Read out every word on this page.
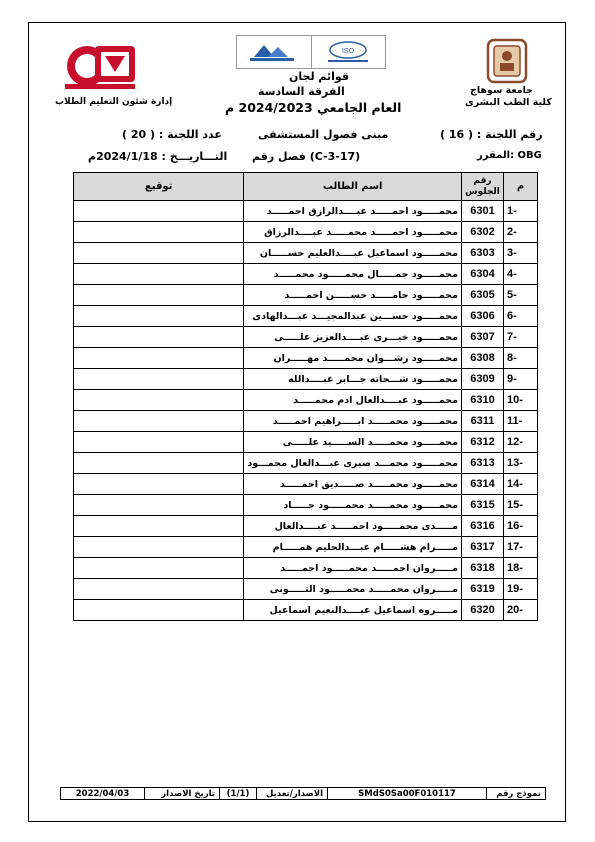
جامعة سوهاج
كلية الطب البشرى
ISO
قوائم لجان
الفرقة السادسة
العام الجامعي 2024/2023 م
إدارة شئون التعليم الطلاب
رقم اللجنة : ( 16 )
مبنى فصول المستشفى
عدد اللجنة : ( 20 )
المقرر: OBG
فصل رقم (C-3-17)
التـــاريـــخ : 2024/1/18م
م	رقم الجلوس	اسم الطالب	توقيع
-1	6301	محمـــــود احمـــــد عبــــدالرازق احمـــــد	
-2	6302	محمـــــود احمـــــد محمـــــد عبــــدالرزاق	
-3	6303	محمـــــود اسماعيل عبــــدالعليم حســـــان	
-4	6304	محمـــــود جمـــــال محمـــــود محمـــــد	
-5	6305	محمـــــود حامـــــد حســـــن احمـــــد	
-6	6306	محمـــــود حســـين عبدالمجيـــد عبـــدالهادى	
-7	6307	محمـــــود خيـــرى عبــــدالعزيز علـــــى	
-8	6308	محمـــــود رشـــوان محمـــــد مهـــــران	
-9	6309	محمـــــود شـــحاته جـــابر عبــــدالله	
-10	6310	محمـــــود عبــــدالعال ادم محمـــــد	
-11	6311	محمـــــود محمـــــد ابـــــراهيم احمـــــد	
-12	6312	محمـــــود محمـــــد الســـــيد علـــــى	
-13	6313	محمـــــود محمـــد صبرى عبـــدالعال محمـــود	
-14	6314	محمـــــود محمـــــد صـــــديق احمـــــد	
-15	6315	محمـــــود محمـــــد محمـــــود جـــــاد	
-16	6316	مـــــدى محمـــــود احمـــــد عبــــدالعال	
-17	6317	مـــــرام هشـــــام عبـــدالحليم همـــــام	
-18	6318	مـــــروان احمـــــد محمـــــود احمـــــد	
-19	6319	مـــــروان محمـــــد محمـــــود التـــــونى	
-20	6320	مـــــروه اسماعيل عبــــدالنعيم اسماعيل	
نموذج رقم
SMdS0Sa00F010117
الاصدار/تعديل
(1/1)
تاريخ الاصدار
2022/04/03
